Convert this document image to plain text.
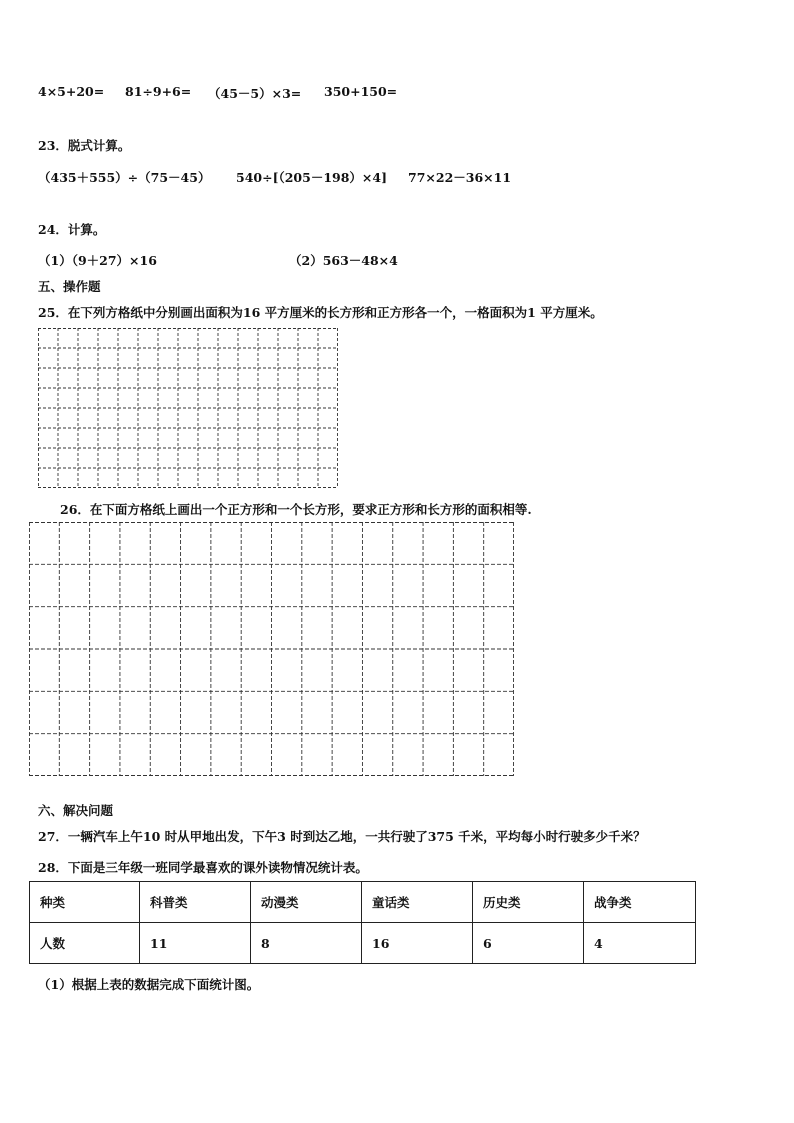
4×5+20= 81÷9+6= （45－5）×3= 350+150=
23．脱式计算。
（435＋555）÷（75－45） 540÷[（205－198）×4] 77×22－36×11
24．计算。
（1）（9＋27）×16	（2）563－48×4
五、操作题
25．在下列方格纸中分别画出面积为16 平方厘米的长方形和正方形各一个，一格面积为1 平方厘米。
26．在下面方格纸上画出一个正方形和一个长方形，要求正方形和长方形的面积相等.
六、解决问题
27．一辆汽车上午10 时从甲地出发，下午3 时到达乙地，一共行驶了375 千米，平均每小时行驶多少千米？
28．下面是三年级一班同学最喜欢的课外读物情况统计表。
种类	科普类	动漫类	童话类	历史类	战争类
人数	11	8	16	6	4
（1）根据上表的数据完成下面统计图。
